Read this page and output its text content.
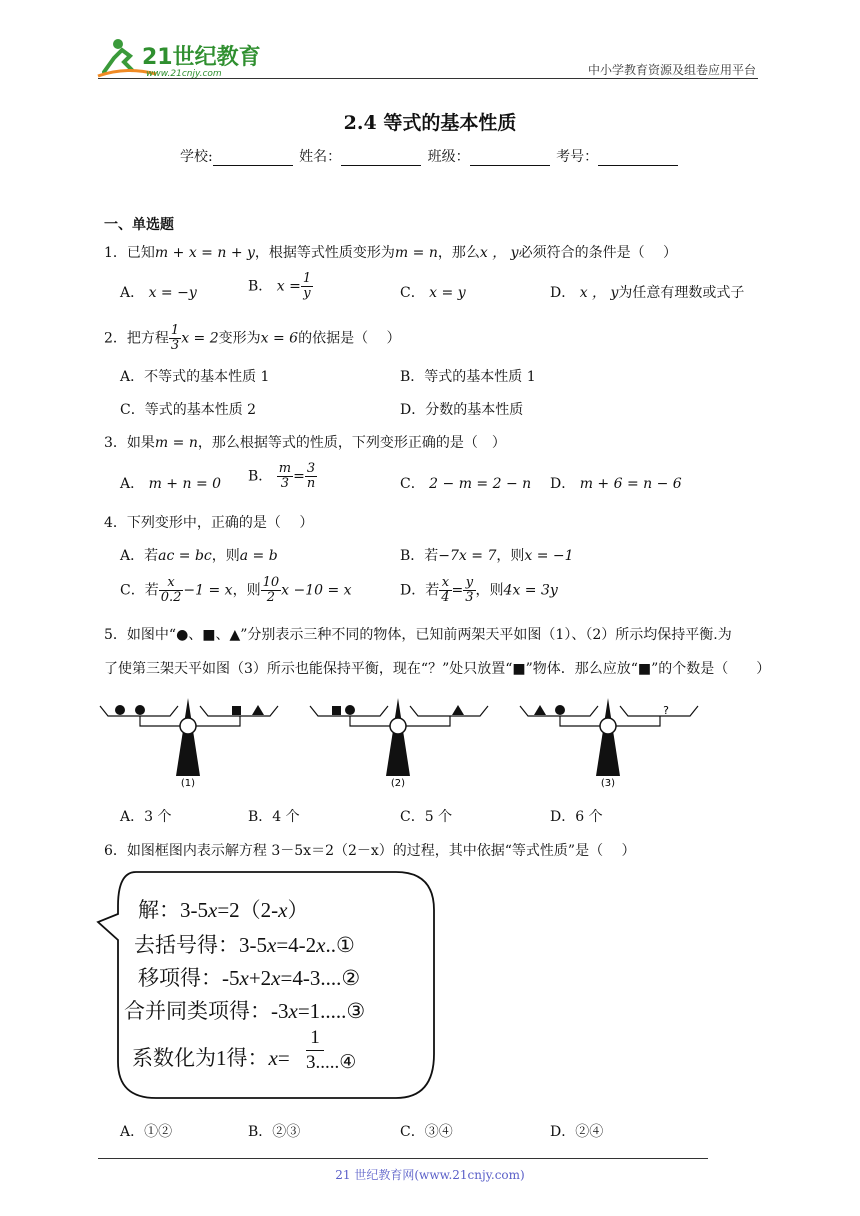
21世纪教育
www.21cnjy.com	中小学教育资源及组卷应用平台
2.4 等式的基本性质
学校:	姓名：	班级：	考号：
一、单选题
1．已知m + x = n + y，根据等式性质变形为m = n，那么x ， y必须符合的条件是（　 ）
A． x = −y	B． $x = \frac{1}{y}$	C． x = y	D． x ， y为任意有理数或式子
2．把方程 $\frac{1}{3}$ x = 2变形为x = 6的依据是（　 ）
A．不等式的基本性质 1	B．等式的基本性质 1
C．等式的基本性质 2	D．分数的基本性质
3．如果m = n，那么根据等式的性质，下列变形正确的是（　）
A． m + n = 0 B． $\frac{m}{3} = \frac{3}{n}$	C． 2 − m = 2 − n D． m + 6 = n − 6
4．下列变形中，正确的是（　 ）
A．若ac = bc，则a = b	B．若−7x = 7，则x = −1
C．若 $\frac{x}{0.2} -1 = x$，则 $\frac{10}{2}$ x −10 = x	D．若 $\frac{x}{4} = \frac{y}{3}$ ，则4x = 3y
5．如图中“●、■、▲”分别表示三种不同的物体，已知前两架天平如图（1）、（2）所示均保持平衡.为
了使第三架天平如图（3）所示也能保持平衡，现在“？”处只放置“■”物体．那么应放“■”的个数是（　　）
(1)	(2)
?
(3)
A．3 个	B．4 个	C．5 个	D．6 个
6．如图框图内表示解方程 3－5x＝2（2－x）的过程，其中依据“等式性质”是（　 ）
解：3-5x=2（2-x）
去括号得：3-5x=4-2x..①
移项得：-5x+2x=4-3....②
合并同类项得：-3x=1.....③
系数化为1得：x=
1
3.....④
A．①②	B．②③	C．③④	D．②④
21 世纪教育网(www.21cnjy.com)
